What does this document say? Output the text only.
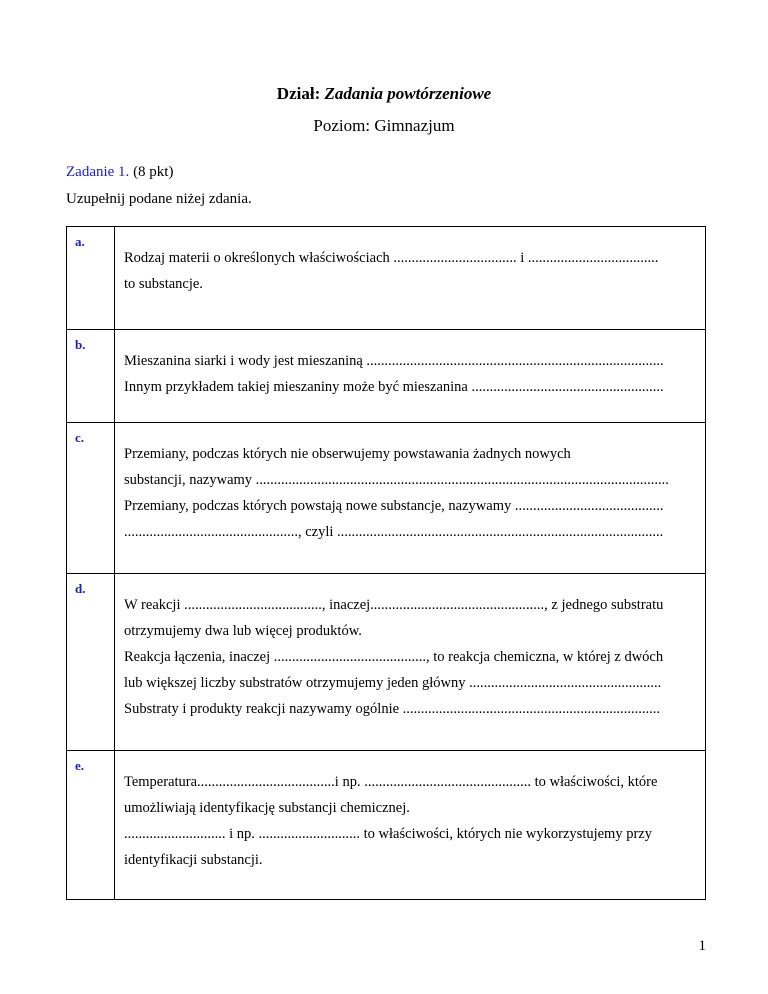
Dział: Zadania powtórzeniowe
Poziom: Gimnazjum
Zadanie 1. (8 pkt)
Uzupełnij podane niżej zdania.
a.	Rodzaj materii o określonych właściwościach .................................. i ....................................
to substancje.

b.	Mieszanina siarki i wody jest mieszaniną ..................................................................................
Innym przykładem takiej mieszaniny może być mieszanina .....................................................

c.	Przemiany, podczas których nie obserwujemy powstawania żadnych nowych
substancji, nazywamy ..................................................................................................................
Przemiany, podczas których powstają nowe substancje, nazywamy .........................................
................................................, czyli ..........................................................................................

d.	W reakcji ......................................, inaczej................................................, z jednego substratu
otrzymujemy dwa lub więcej produktów.
Reakcja łączenia, inaczej .........................................., to reakcja chemiczna, w której z dwóch
lub większej liczby substratów otrzymujemy jeden główny .....................................................
Substraty i produkty reakcji nazywamy ogólnie .......................................................................

e.	Temperatura......................................i np. .............................................. to właściwości, które
umożliwiają identyfikację substancji chemicznej.
............................ i np. ............................ to właściwości, których nie wykorzystujemy przy
identyfikacji substancji.
1
